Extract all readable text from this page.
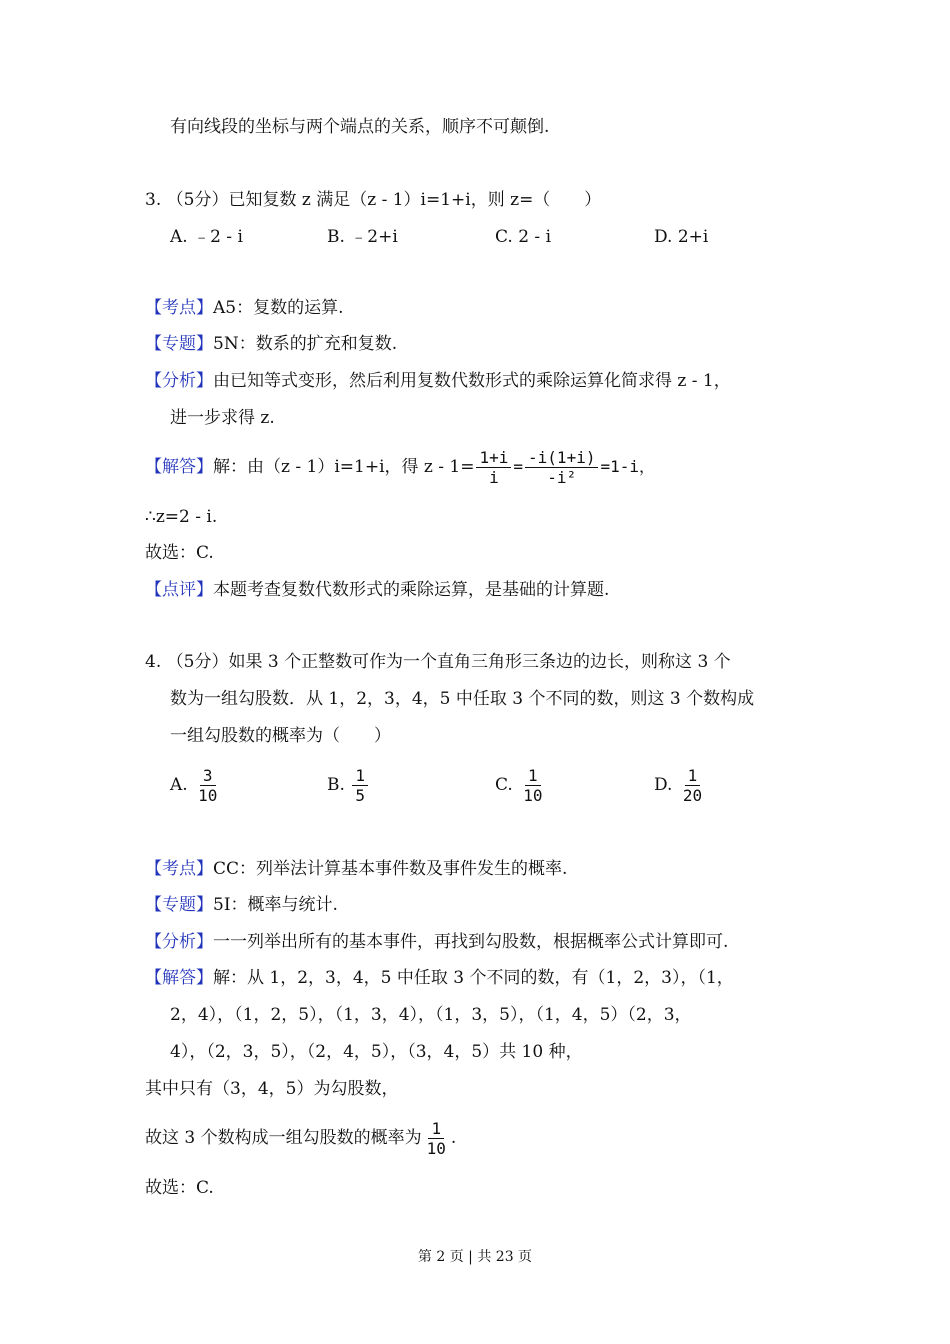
有向线段的坐标与两个端点的关系，顺序不可颠倒.
3. （5分）已知复数 z 满足（z - 1）i=1+i，则 z=（　　）
A. ﹣2 - i	B. ﹣2+i	C. 2 - i	D. 2+i
【考点】A5：复数的运算.
【专题】5N：数系的扩充和复数.
【分析】由已知等式变形，然后利用复数代数形式的乘除运算化简求得 z - 1，
进一步求得 z.
【解答】解：由（z - 1）i=1+i，得 $z - 1= \frac{1+i}{i} = \frac{-i(1+i)}{\text{-i²}} =1-i$，
∴z=2 - i.
故选：C.
【点评】本题考查复数代数形式的乘除运算，是基础的计算题.
4. （5分）如果 3 个正整数可作为一个直角三角形三条边的边长，则称这 3 个
数为一组勾股数．从 1，2，3，4，5 中任取 3 个不同的数，则这 3 个数构成
一组勾股数的概率为（　　）
A. $\frac{3}{10}$	B. $\frac{1}{5}$	C. $\frac{1}{10}$	D. $\frac{1}{20}$
【考点】CC：列举法计算基本事件数及事件发生的概率.
【专题】5I：概率与统计.
【分析】一一列举出所有的基本事件，再找到勾股数，根据概率公式计算即可.
【解答】解：从 1，2，3，4，5 中任取 3 个不同的数，有（1，2，3），（1，
2，4），（1，2，5），（1，3，4），（1，3，5），（1，4，5）（2，3，
4），（2，3，5），（2，4，5），（3，4，5）共 10 种，
其中只有（3，4，5）为勾股数，
故这 3 个数构成一组勾股数的概率为 $\frac{1}{10}$ .
故选：C.
第 2 页 | 共 23 页
